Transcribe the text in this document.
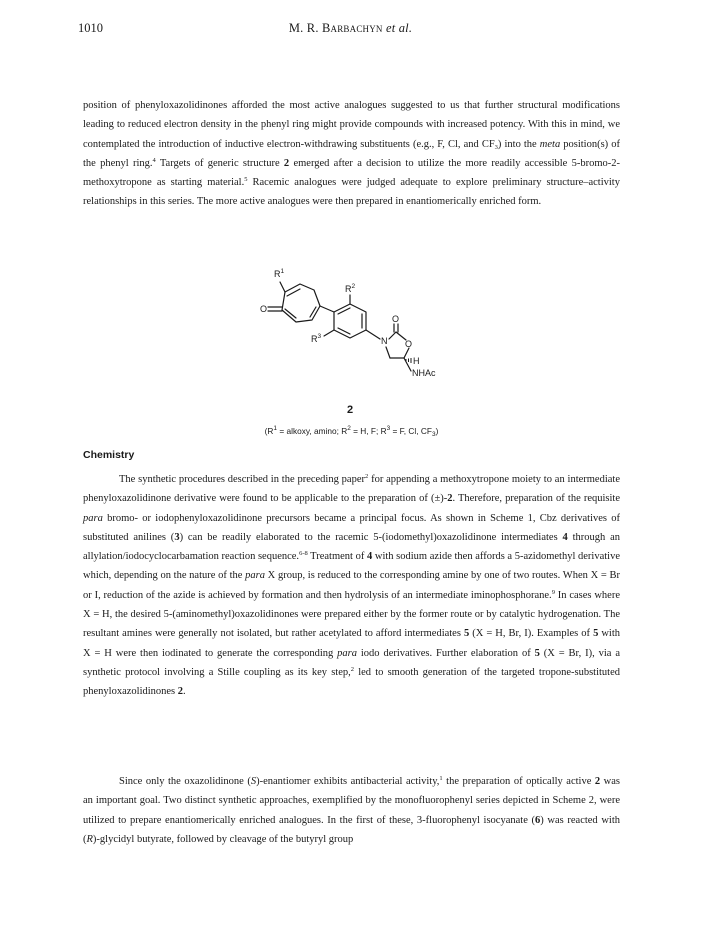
1010	M. R. Barbachyn et al.

position of phenyloxazolidinones afforded the most active analogues suggested to us that further structural modifications leading to reduced electron density in the phenyl ring might provide compounds with increased potency. With this in mind, we contemplated the introduction of inductive electron-withdrawing substituents (e.g., F, Cl, and $CF_3$) into the meta position(s) of the phenyl ring.$^4$ Targets of generic structure 2 emerged after a decision to utilize the more readily accessible 5-bromo-2-methoxytropone as starting material.$^5$ Racemic analogues were judged adequate to explore preliminary structure–activity relationships in this series. The more active analogues were then prepared in enantiomerically enriched form.

$R^1$
$R^2$
$R^3$
O
O
N O
H
NHAc
2
($R^1$ = alkoxy, amino; $R^2 = H$, F; $R^3 = F$, Cl, $CF_3$)
Chemistry

The synthetic procedures described in the preceding paper$^2$ for appending a methoxytropone moiety to an intermediate phenyloxazolidinone derivative were found to be applicable to the preparation of (±)-2. Therefore, preparation of the requisite para bromo- or iodophenyloxazolidinone precursors became a principal focus. As shown in Scheme 1, Cbz derivatives of substituted anilines (3) can be readily elaborated to the racemic 5-(iodomethyl)oxazolidinone intermediates 4 through an allylation/iodocyclocarbamation reaction sequence.$^{6-8}$ Treatment of 4 with sodium azide then affords a 5-azidomethyl derivative which, depending on the nature of the para X group, is reduced to the corresponding amine by one of two routes. When X = Br or I, reduction of the azide is achieved by formation and then hydrolysis of an intermediate iminophosphorane.$^9$ In cases where X = H, the desired 5-(aminomethyl)oxazolidinones were prepared either by the former route or by catalytic hydrogenation. The resultant amines were generally not isolated, but rather acetylated to afford intermediates 5 (X = H, Br, I). Examples of 5 with X = H were then iodinated to generate the corresponding para iodo derivatives. Further elaboration of 5 (X = Br, I), via a synthetic protocol involving a Stille coupling as its key step,$^2$ led to smooth generation of the targeted tropone-substituted phenyloxazolidinones 2.

Since only the oxazolidinone (S)-enantiomer exhibits antibacterial activity,$^1$ the preparation of optically active 2 was an important goal. Two distinct synthetic approaches, exemplified by the monofluorophenyl series depicted in Scheme 2, were utilized to prepare enantiomerically enriched analogues. In the first of these, 3-fluorophenyl isocyanate (6) was reacted with (R)-glycidyl butyrate, followed by cleavage of the butyryl group
